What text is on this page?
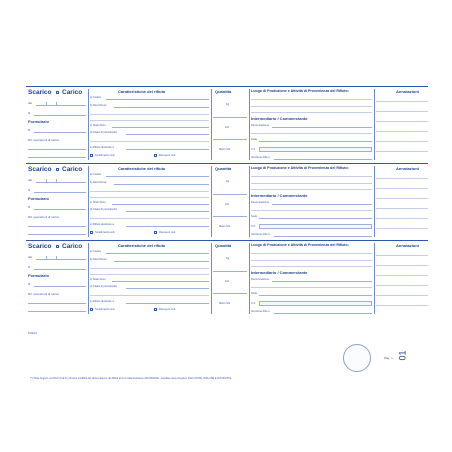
...
Scarico Carico
del
N.
Formulario
N.
Rif. operazioni di carico
Caratteristiche del rifiuto
a) Codice
b) Descrizione
c) Stato fisico
d) Classi di pericolosità
e) Rifiuto destinato a
Smaltimento cod.	Recupero cod.
Quantità
Kg
Litri
Metri cubi
Luogo di Produzione e Attività di Provenienza del Rifiuto:
Intermediario / Commerciante
Denominazione
Sede
C.F.
Iscrizione Albo n.
Annotazioni
Scarico Carico
del
N.
Formulario
N.
Rif. operazioni di carico
Caratteristiche del rifiuto
a) Codice
b) Descrizione
c) Stato fisico
d) Classi di pericolosità
e) Rifiuto destinato a
Smaltimento cod.	Recupero cod.
Quantità
Kg
Litri
Metri cubi
Luogo di Produzione e Attività di Provenienza del Rifiuto:
Intermediario / Commerciante
Denominazione
Sede
C.F.
Iscrizione Albo n.
Annotazioni
Scarico Carico
del
N.
Formulario
N.
Rif. operazioni di carico
Caratteristiche del rifiuto
a) Codice
b) Descrizione
c) Stato fisico
d) Classi di pericolosità
e) Rifiuto destinato a
Smaltimento cod.	Recupero cod.
Quantità
Kg
Litri
Metri cubi
Luogo di Produzione e Attività di Provenienza del Rifiuto:
Intermediario / Commerciante
Denominazione
Sede
C.F.
Iscrizione Albo n.
Annotazioni
DU02/1
Pag. n. 01
(*) Titolo furgone nel RNU (C.E.R.) di tanto Codifica del Nuovo Elenco dei Rifiuti al di cui alla Decisione 2001/532/CE - Ausiliare deve chiedere (CEI) STATE, INCLUSE E DISTRUTTE.
